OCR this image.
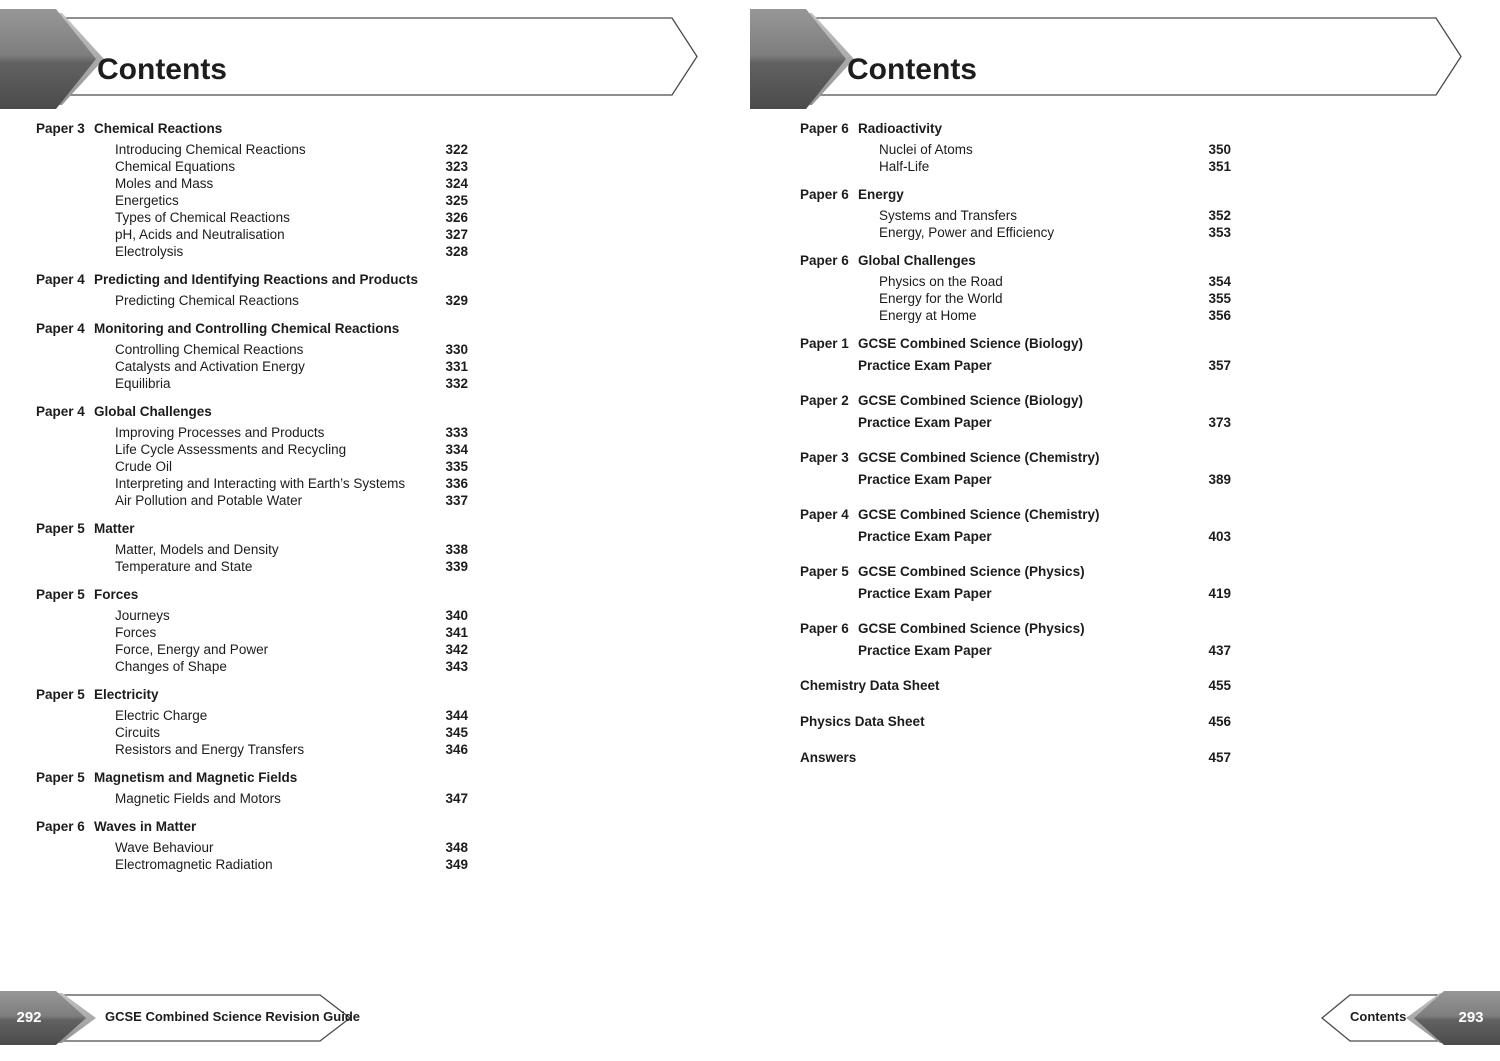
Contents	Contents
Paper 3 Chemical Reactions
Introducing Chemical Reactions	322
Chemical Equations	323
Moles and Mass	324
Energetics	325
Types of Chemical Reactions	326
pH, Acids and Neutralisation	327
Electrolysis	328
Paper 4 Predicting and Identifying Reactions and Products
Predicting Chemical Reactions	329
Paper 4 Monitoring and Controlling Chemical Reactions
Controlling Chemical Reactions	330
Catalysts and Activation Energy	331
Equilibria	332
Paper 4 Global Challenges
Improving Processes and Products	333
Life Cycle Assessments and Recycling	334
Crude Oil	335
Interpreting and Interacting with Earth’s Systems	336
Air Pollution and Potable Water	337
Paper 5 Matter
Matter, Models and Density	338
Temperature and State	339
Paper 5 Forces
Journeys	340
Forces	341
Force, Energy and Power	342
Changes of Shape	343
Paper 5 Electricity
Electric Charge	344
Circuits	345
Resistors and Energy Transfers	346
Paper 5 Magnetism and Magnetic Fields
Magnetic Fields and Motors	347
Paper 6 Waves in Matter
Wave Behaviour	348
Electromagnetic Radiation	349
Paper 6 Radioactivity
Nuclei of Atoms	350
Half-Life	351
Paper 6 Energy
Systems and Transfers	352
Energy, Power and Efficiency	353
Paper 6 Global Challenges
Physics on the Road	354
Energy for the World	355
Energy at Home	356
Paper 1 GCSE Combined Science (Biology)
Practice Exam Paper	357
Paper 2 GCSE Combined Science (Biology)
Practice Exam Paper	373
Paper 3 GCSE Combined Science (Chemistry)
Practice Exam Paper	389
Paper 4 GCSE Combined Science (Chemistry)
Practice Exam Paper	403
Paper 5 GCSE Combined Science (Physics)
Practice Exam Paper	419
Paper 6 GCSE Combined Science (Physics)
Practice Exam Paper	437
Chemistry Data Sheet	455
Physics Data Sheet	456
Answers	457
292	GCSE Combined Science Revision Guide	293
Contents
